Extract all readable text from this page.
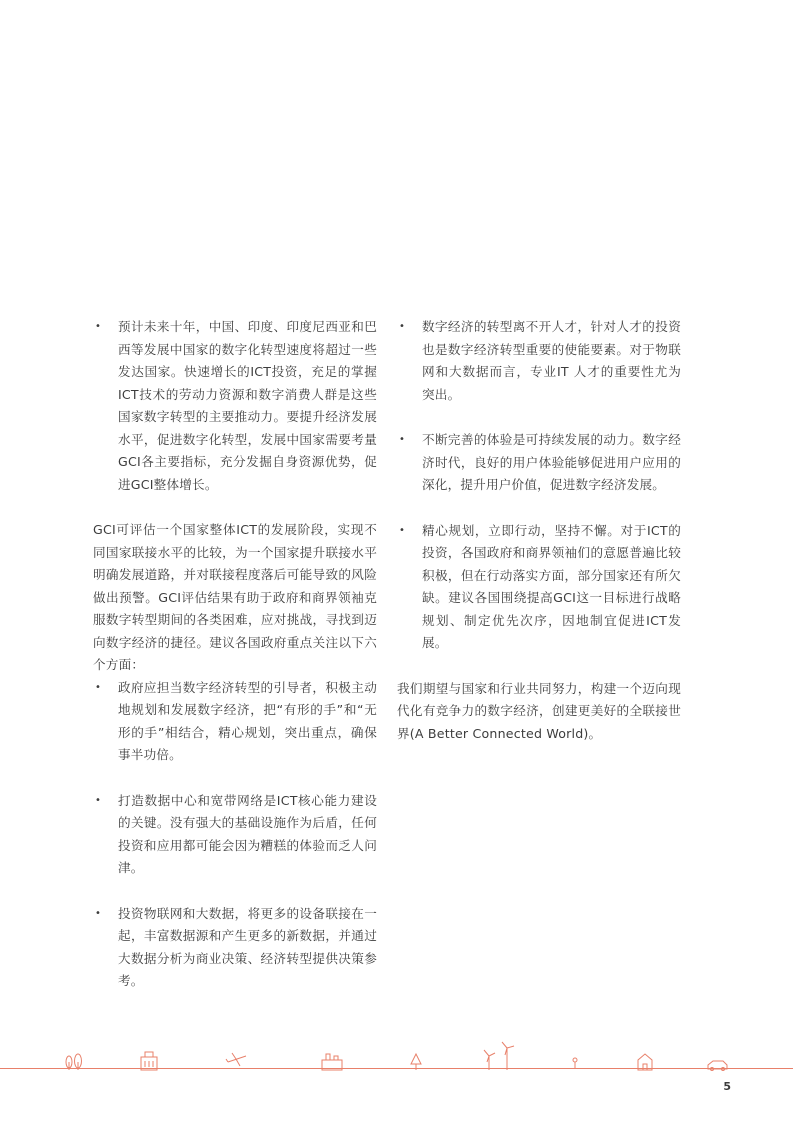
• 预计未来十年，中国、印度、印度尼西亚和巴西等发展中国家的数字化转型速度将超过一些发达国家。快速增长的ICT投资，充足的掌握ICT技术的劳动力资源和数字消费人群是这些国家数字转型的主要推动力。要提升经济发展水平，促进数字化转型，发展中国家需要考量GCI各主要指标，充分发掘自身资源优势，促进GCI整体增长。

GCI可评估一个国家整体ICT的发展阶段，实现不同国家联接水平的比较，为一个国家提升联接水平明确发展道路，并对联接程度落后可能导致的风险做出预警。GCI评估结果有助于政府和商界领袖克服数字转型期间的各类困难，应对挑战，寻找到迈向数字经济的捷径。建议各国政府重点关注以下六个方面：

• 政府应担当数字经济转型的引导者，积极主动地规划和发展数字经济，把“有形的手”和“无形的手”相结合，精心规划，突出重点，确保事半功倍。

• 打造数据中心和宽带网络是ICT核心能力建设的关键。没有强大的基础设施作为后盾，任何投资和应用都可能会因为糟糕的体验而乏人问津。

• 投资物联网和大数据，将更多的设备联接在一起，丰富数据源和产生更多的新数据，并通过大数据分析为商业决策、经济转型提供决策参考。

• 数字经济的转型离不开人才，针对人才的投资也是数字经济转型重要的使能要素。对于物联网和大数据而言，专业IT 人才的重要性尤为突出。

• 不断完善的体验是可持续发展的动力。数字经济时代，良好的用户体验能够促进用户应用的深化，提升用户价值，促进数字经济发展。

• 精心规划，立即行动，坚持不懈。对于ICT的投资，各国政府和商界领袖们的意愿普遍比较积极，但在行动落实方面，部分国家还有所欠缺。建议各国围绕提高GCI这一目标进行战略规划、制定优先次序，因地制宜促进ICT发展。

我们期望与国家和行业共同努力，构建一个迈向现代化有竞争力的数字经济，创建更美好的全联接世界(A Better Connected World)。

5
